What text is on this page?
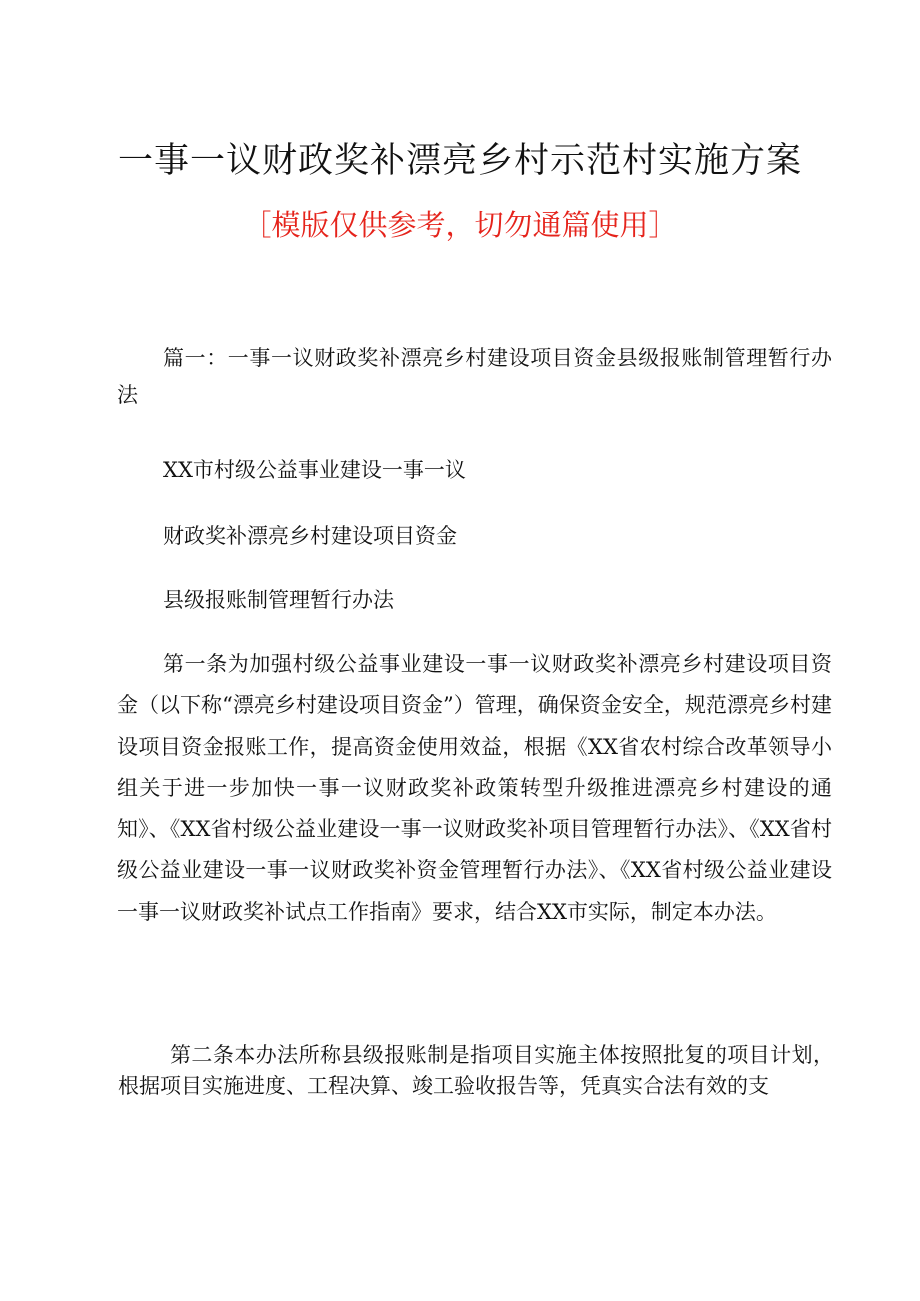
一事一议财政奖补漂亮乡村示范村实施方案
［模版仅供参考，切勿通篇使用］

篇一：一事一议财政奖补漂亮乡村建设项目资金县级报账制管理暂行办法

XX市村级公益事业建设一事一议

财政奖补漂亮乡村建设项目资金

县级报账制管理暂行办法

第一条为加强村级公益事业建设一事一议财政奖补漂亮乡村建设项目资金（以下称“漂亮乡村建设项目资金”）管理，确保资金安全，规范漂亮乡村建设项目资金报账工作，提高资金使用效益，根据《XX省农村综合改革领导小组关于进一步加快一事一议财政奖补政策转型升级推进漂亮乡村建设的通知》、《XX省村级公益业建设一事一议财政奖补项目管理暂行办法》、《XX省村级公益业建设一事一议财政奖补资金管理暂行办法》、《XX省村级公益业建设一事一议财政奖补试点工作指南》要求，结合XX市实际，制定本办法。

第二条本办法所称县级报账制是指项目实施主体按照批复的项目计划，根据项目实施进度、工程决算、竣工验收报告等，凭真实合法有效的支
